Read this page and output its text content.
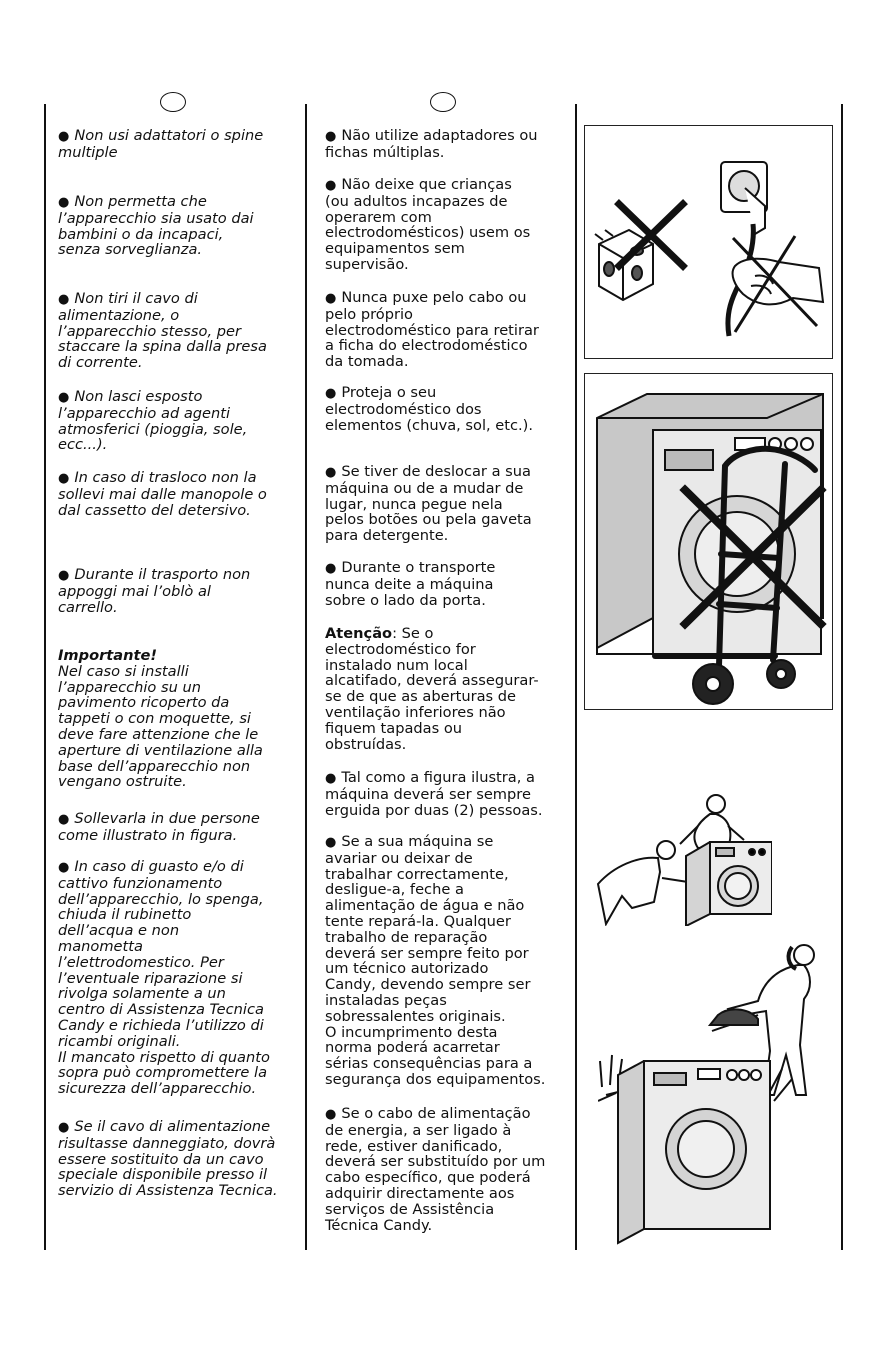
● Non usi adattatori o spine
multiple

● Non permetta che
l’apparecchio sia usato dai
bambini o da incapaci,
senza sorveglianza.

● Non tiri il cavo di
alimentazione, o
l’apparecchio stesso, per
staccare la spina dalla presa
di corrente.

● Non lasci esposto
l’apparecchio ad agenti
atmosferici (pioggia, sole,
ecc...).

● In caso di trasloco non la
sollevi mai dalle manopole o
dal cassetto del detersivo.

● Durante il trasporto non
appoggi mai l’oblò al
carrello.

Importante!
Nel caso si installi
l’apparecchio su un
pavimento ricoperto da
tappeti o con moquette, si
deve fare attenzione che le
aperture di ventilazione alla
base dell’apparecchio non
vengano ostruite.

● Sollevarla in due persone
come illustrato in figura.

● In caso di guasto e/o di
cattivo funzionamento
dell’apparecchio, lo spenga,
chiuda il rubinetto
dell’acqua e non
manometta
l’elettrodomestico. Per
l’eventuale riparazione si
rivolga solamente a un
centro di Assistenza Tecnica
Candy e richieda l’utilizzo di
ricambi originali.
Il mancato rispetto di quanto
sopra può compromettere la
sicurezza dell’apparecchio.

● Se il cavo di alimentazione
risultasse danneggiato, dovrà
essere sostituito da un cavo
speciale disponibile presso il
servizio di Assistenza Tecnica.

● Não utilize adaptadores ou
fichas múltiplas.

● Não deixe que crianças
(ou adultos incapazes de
operarem com
electrodomésticos) usem os
equipamentos sem
supervisão.

● Nunca puxe pelo cabo ou
pelo próprio
electrodoméstico para retirar
a ficha do electrodoméstico
da tomada.

● Proteja o seu
electrodoméstico dos
elementos (chuva, sol, etc.).

● Se tiver de deslocar a sua
máquina ou de a mudar de
lugar, nunca pegue nela
pelos botões ou pela gaveta
para detergente.

● Durante o transporte
nunca deite a máquina
sobre o lado da porta.

Atenção: Se o
electrodoméstico for
instalado num local
alcatifado, deverá assegurar-
se de que as aberturas de
ventilação inferiores não
fiquem tapadas ou
obstruídas.

● Tal como a figura ilustra, a
máquina deverá ser sempre
erguida por duas (2) pessoas.

● Se a sua máquina se
avariar ou deixar de
trabalhar correctamente,
desligue-a, feche a
alimentação de água e não
tente repará-la. Qualquer
trabalho de reparação
deverá ser sempre feito por
um técnico autorizado
Candy, devendo sempre ser
instaladas peças
sobressalentes originais.
O incumprimento desta
norma poderá acarretar
sérias consequências para a
segurança dos equipamentos.

● Se o cabo de alimentação
de energia, a ser ligado à
rede, estiver danificado,
deverá ser substituído por um
cabo específico, que poderá
adquirir directamente aos
serviços de Assistência
Técnica Candy.
